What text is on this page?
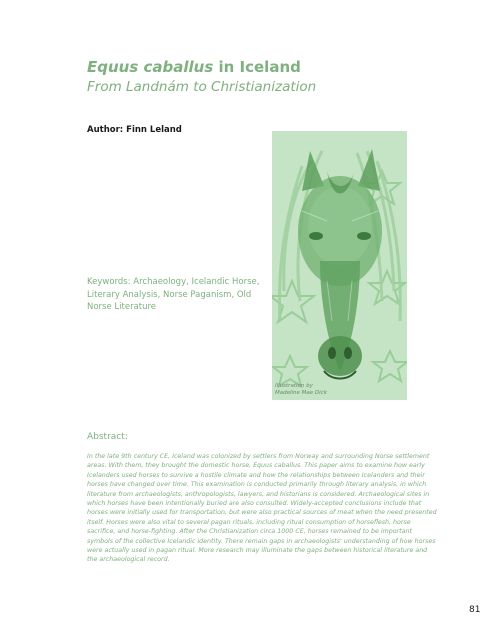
Equus caballus in Iceland
From Landnám to Christianization
Author: Finn Leland
Keywords: Archaeology, Icelandic Horse, Literary Analysis, Norse Paganism, Old Norse Literature
Illustration by
Madeline Mae Dick
Abstract:
In the late 9th century CE, Iceland was colonized by settlers from Norway and surrounding Norse settlement areas. With them, they brought the domestic horse, Equus caballus. This paper aims to examine how early Icelanders used horses to survive a hostile climate and how the relationships between Icelanders and their horses have changed over time. This examination is conducted primarily through literary analysis, in which literature from archaeologists, anthropologists, lawyers, and historians is considered. Archaeological sites in which horses have been intentionally buried are also consulted. Widely-accepted conclusions include that horses were initially used for transportation, but were also practical sources of meat when the need presented itself. Horses were also vital to several pagan rituals, including ritual consumption of horseflesh, horse sacrifice, and horse-fighting. After the Christianization circa 1000 CE, horses remained to be important symbols of the collective Icelandic identity. There remain gaps in archaeologists' understanding of how horses were actually used in pagan ritual. More research may illuminate the gaps between historical literature and the archaeological record.
81
